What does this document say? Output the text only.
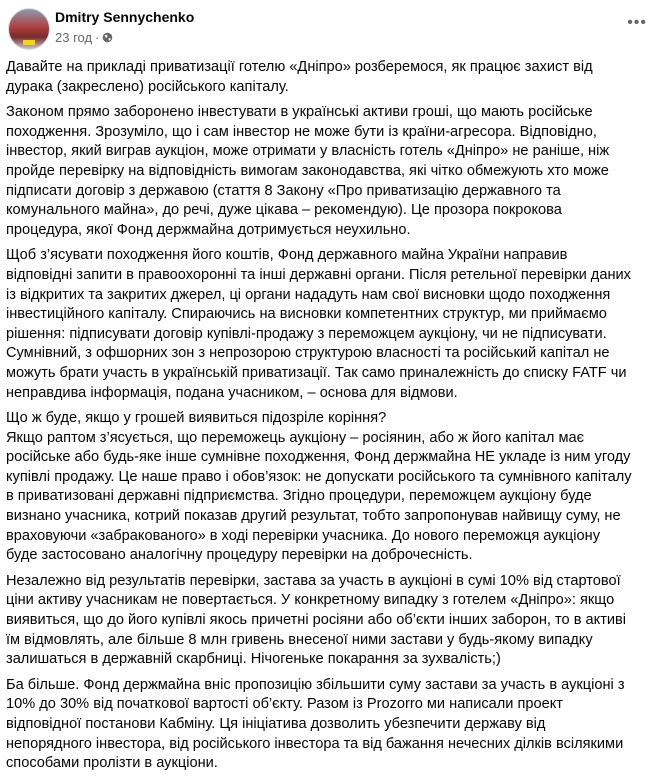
Dmitry Sennychenko
23 год ·
•••
Давайте на прикладі приватизації готелю «Дніпро» розберемося, як працює захист від
дурака (закреслено) російського капіталу.
Законом прямо заборонено інвестувати в українські активи гроші, що мають російське
походження. Зрозуміло, що і сам інвестор не може бути із країни-агресора. Відповідно,
інвестор, який виграв аукціон, може отримати у власність готель «Дніпро» не раніше, ніж
пройде перевірку на відповідність вимогам законодавства, які чітко обмежують хто може
підписати договір з державою (стаття 8 Закону «Про приватизацію державного та
комунального майна», до речі, дуже цікава – рекомендую). Це прозора покрокова
процедура, якої Фонд держмайна дотримується неухильно.
Щоб з’ясувати походження його коштів, Фонд державного майна України направив
відповідні запити в правоохоронні та інші державні органи. Після ретельної перевірки даних
із відкритих та закритих джерел, ці органи нададуть нам свої висновки щодо походження
інвестиційного капіталу. Спираючись на висновки компетентних структур, ми приймаємо
рішення: підписувати договір купівлі-продажу з переможцем аукціону, чи не підписувати.
Сумнівний, з офшорних зон з непрозорою структурою власності та російський капітал не
можуть брати участь в українській приватизації. Так само приналежність до списку FATF чи
неправдива інформація, подана учасником, – основа для відмови.
Що ж буде, якщо у грошей виявиться підозріле коріння?
Якщо раптом з’ясується, що переможець аукціону – росіянин, або ж його капітал має
російське або будь-яке інше сумнівне походження, Фонд держмайна НЕ укладе із ним угоду
купівлі продажу. Це наше право і обов’язок: не допускати російського та сумнівного капіталу
в приватизовані державні підприємства. Згідно процедури, переможцем аукціону буде
визнано учасника, котрий показав другий результат, тобто запропонував найвищу суму, не
враховуючи «забракованого» в ході перевірки учасника. До нового переможця аукціону
буде застосовано аналогічну процедуру перевірки на доброчесність.
Незалежно від результатів перевірки, застава за участь в аукціоні в сумі 10% від стартової
ціни активу учасникам не повертається. У конкретному випадку з готелем «Дніпро»: якщо
виявиться, що до його купівлі якось причетні росіяни або об’єкти інших заборон, то в активі
їм відмовлять, але більше 8 млн гривень внесеної ними застави у будь-якому випадку
залишаться в державній скарбниці. Нічогеньке покарання за зухвалість;)
Ба більше. Фонд держмайна вніс пропозицію збільшити суму застави за участь в аукціоні з
10% до 30% від початкової вартості об’єкту. Разом із Prozorro ми написали проект
відповідної постанови Кабміну. Ця ініціатива дозволить убезпечити державу від
непорядного інвестора, від російського інвестора та від бажання нечесних ділків всілякими
способами пролізти в аукціони.
